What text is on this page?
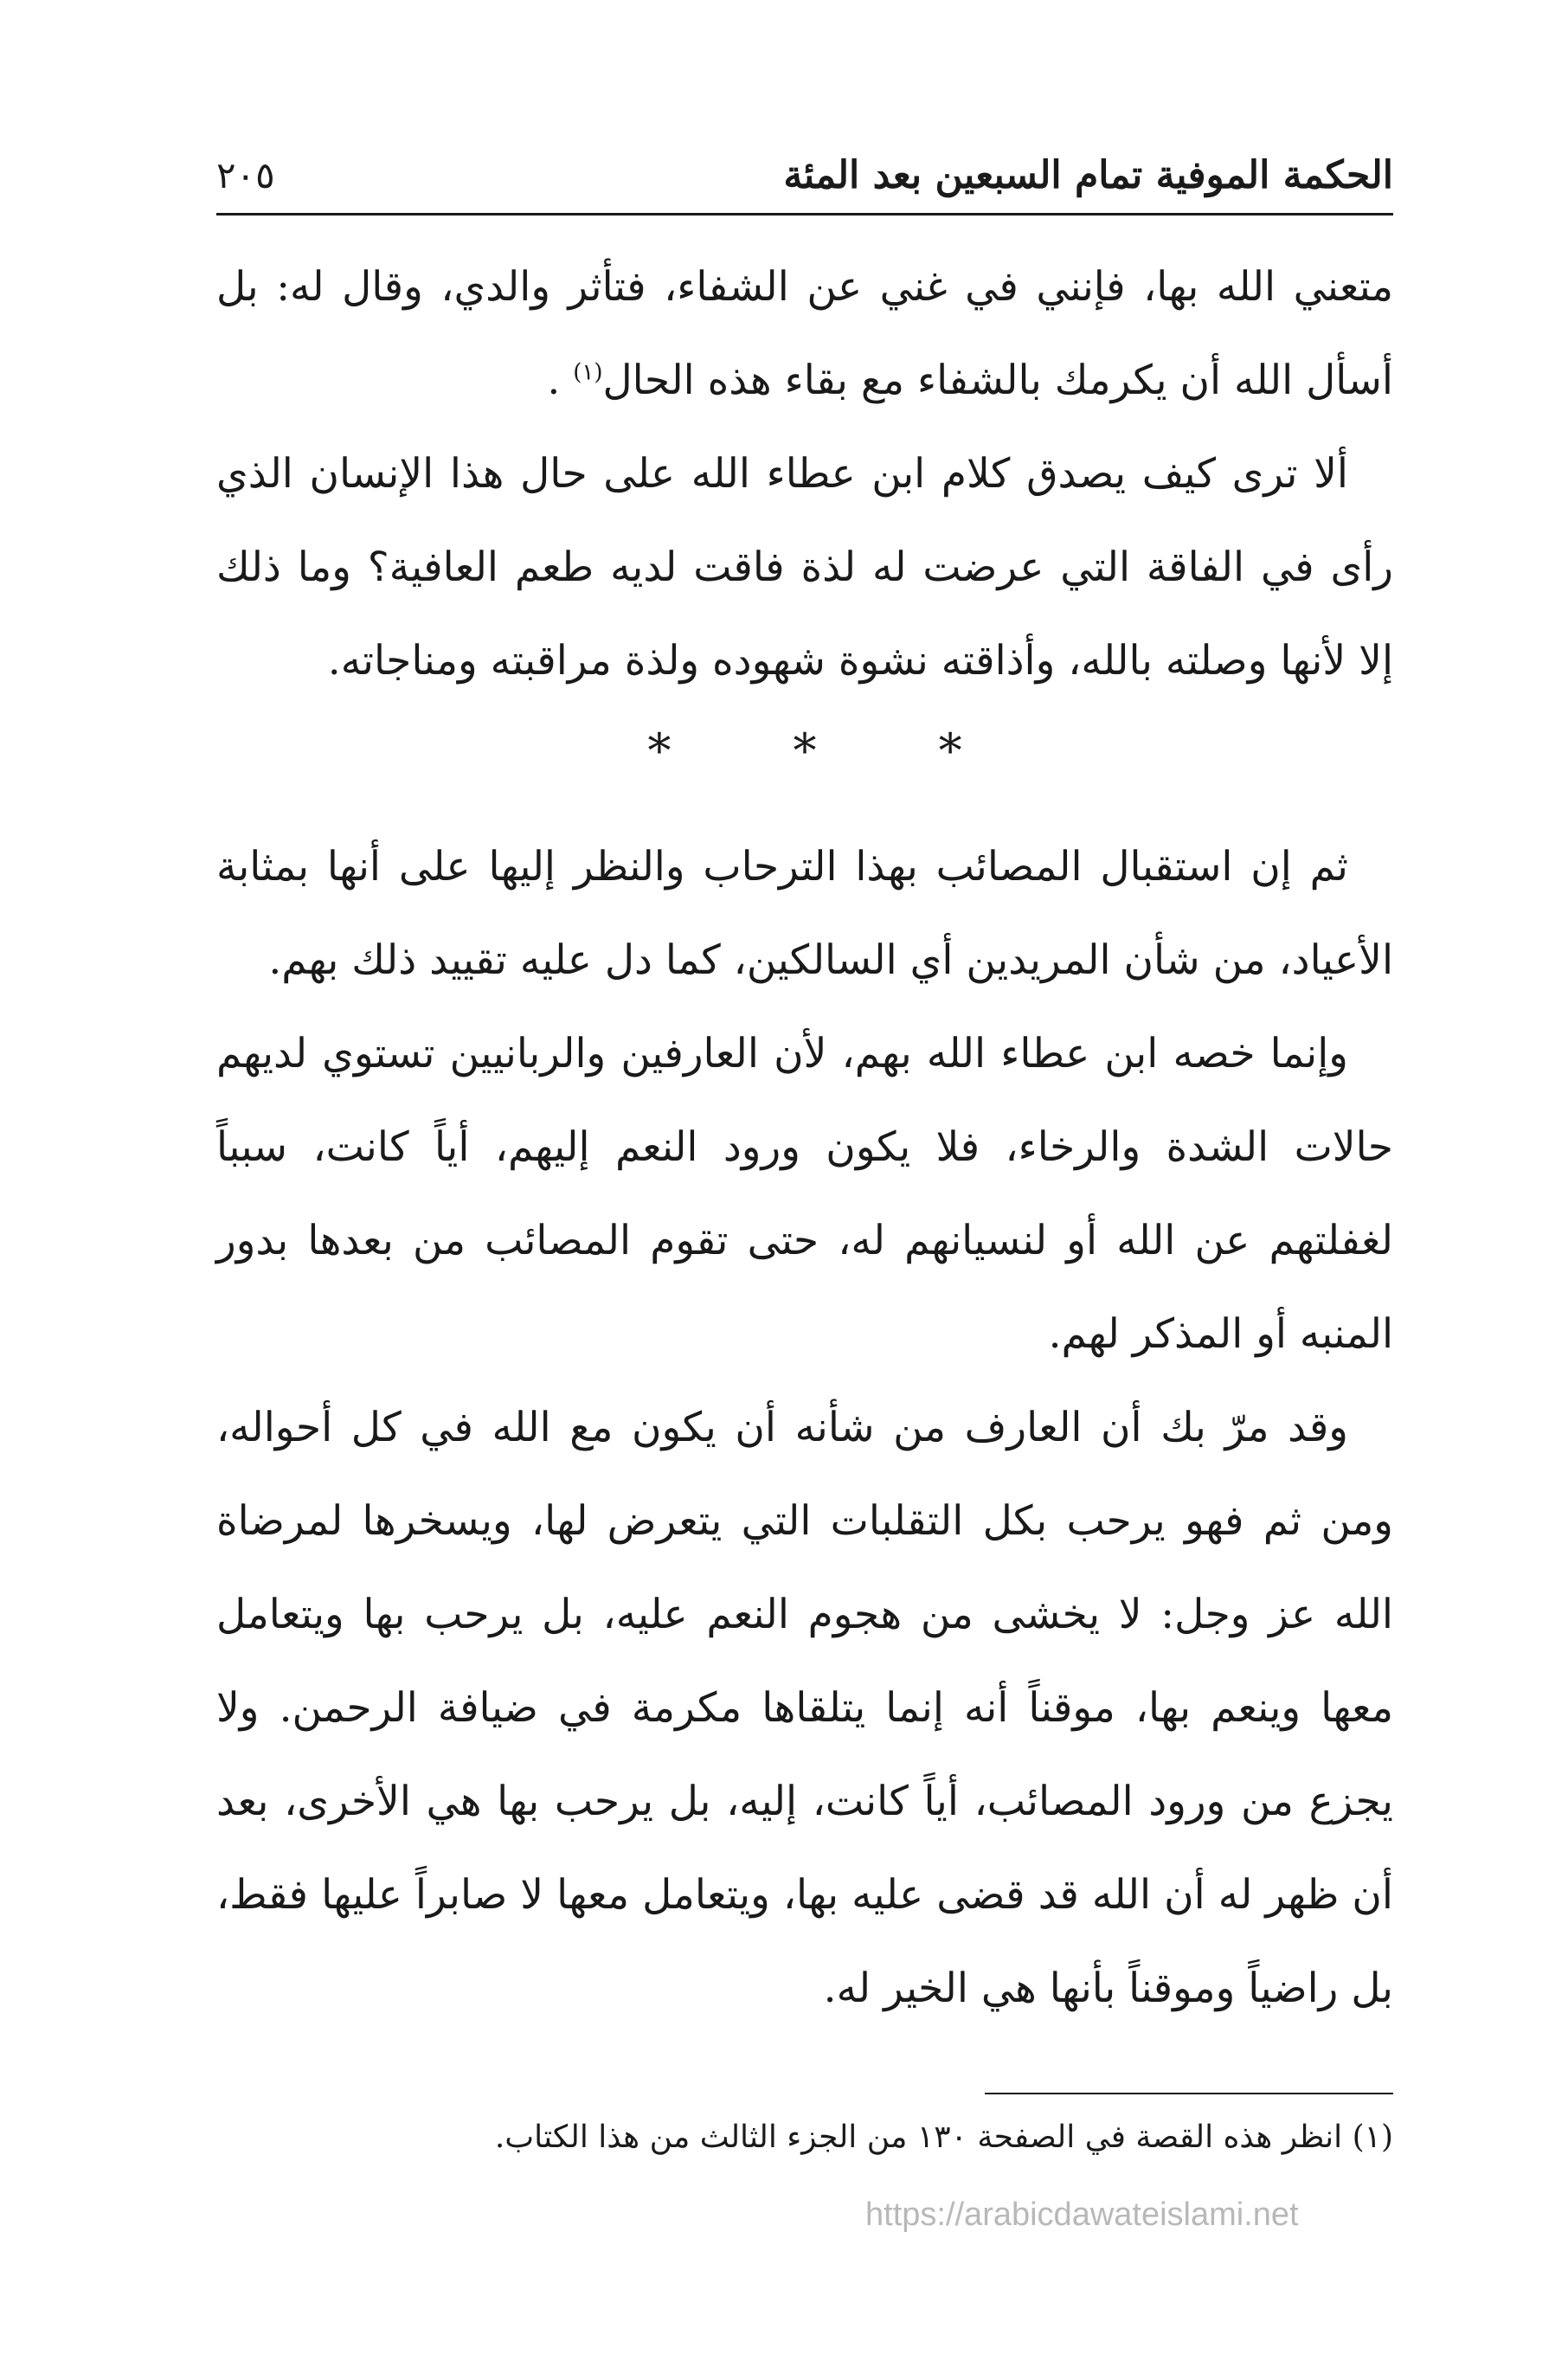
الحكمة الموفية تمام السبعين بعد المئة
٢٠٥

متعني الله بها، فإنني في غني عن الشفاء، فتأثر والدي، وقال له: بل أسأل الله أن يكرمك بالشفاء مع بقاء هذه الحال$^{(١)}$ .

ألا ترى كيف يصدق كلام ابن عطاء الله على حال هذا الإنسان الذي رأى في الفاقة التي عرضت له لذة فاقت لديه طعم العافية؟ وما ذلك إلا لأنها وصلته بالله، وأذاقته نشوة شهوده ولذة مراقبته ومناجاته.

*	*	*

ثم إن استقبال المصائب بهذا الترحاب والنظر إليها على أنها بمثابة الأعياد، من شأن المريدين أي السالكين، كما دل عليه تقييد ذلك بهم.

وإنما خصه ابن عطاء الله بهم، لأن العارفين والربانيين تستوي لديهم حالات الشدة والرخاء، فلا يكون ورود النعم إليهم، أياً كانت، سبباً لغفلتهم عن الله أو لنسيانهم له، حتى تقوم المصائب من بعدها بدور المنبه أو المذكر لهم.

وقد مرّ بك أن العارف من شأنه أن يكون مع الله في كل أحواله، ومن ثم فهو يرحب بكل التقلبات التي يتعرض لها، ويسخرها لمرضاة الله عز وجل: لا يخشى من هجوم النعم عليه، بل يرحب بها ويتعامل معها وينعم بها، موقناً أنه إنما يتلقاها مكرمة في ضيافة الرحمن. ولا يجزع من ورود المصائب، أياً كانت، إليه، بل يرحب بها هي الأخرى، بعد أن ظهر له أن الله قد قضى عليه بها، ويتعامل معها لا صابراً عليها فقط، بل راضياً وموقناً بأنها هي الخير له.

(١) انظر هذه القصة في الصفحة ١٣٠ من الجزء الثالث من هذا الكتاب.
https://arabicdawateislami.net
